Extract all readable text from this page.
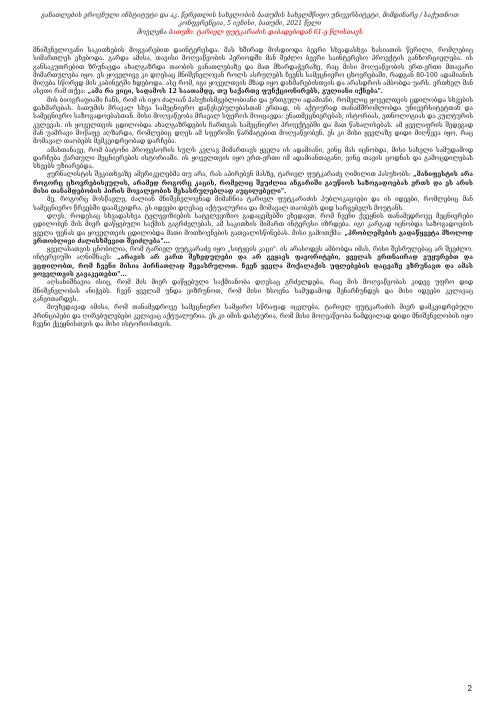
განათლების ეროვნული ინსტიტუტი და აკ. წერეთლის სახელობის ბათუმის სახელმწიფო უნივერსიტეტი, მიმდინარე / საქუთნოთ
კონფერენცია, 5 ივნისი, ბათუმი, 2021 წელი
მოვლენა ბათუმი. ტარიელ ფუტკარაძის დაბადებიდან 61-ე წლისთავს

მნიშვნელოვანი საკითხების მოგვარებით დაინტერესდა. მას ხშირად მოსდიოდა ბევრი სხვადასხვა ხასიათის წერილი, რომლებიც სიმართლეს ეხებოდა. გარდა ამისა, თავისი მოღვაწეობის პერიოდში მან შეძლო ბევრი საინტერესო პროექტის განხორციელება. ის განსაკუთრებით ზრუნავდა ახალგაზრდა თაობის განათლებაზე და მათ მხარდაჭერაზე, რაც მისი მოღვაწეობის ერთ-ერთი მთავარი მიმართულება იყო. ეს ყოველივე კი დღესაც მნიშვნელოვან როლს ასრულებს ჩვენს სამეცნიერო ცხოვრებაში, რადგან 80-100 ადამიანის მიღება სწორედ მის კაბინეტში ხდებოდა. ასე რომ, იგი ყოველთვის მზად იყო დახმარებისთვის და არასდროს ამბობდა უარს. ერთხელ მან ასეთი რამ თქვა: „ამა რა ვიცი, სადამოს 12 საათამდე, თუ საქართვ ფუნქციონირებს, გულიანი იქნება".

მის ბიოგრაფიაში ჩანს, რომ ის იყო ძალიან პასუხისმგებლობიანი და ერთგული ადამიანი, რომელიც ყოველთვის ცდილობდა სხვების დახმარებას. ბათუმის მრავალ სხვა სამეცნიერო დაწესებულებასთან ერთად, ის აქტიურად თანამშრომლობდა უნივერსიტეტთან და სამეცნიერო საზოგადოებასთან. მისი მოღვაწეობა მრავალ სფეროს მოიცავდა: ენათმეცნიერებას, ისტორიას, ეთნოლოგიას და კულტურის კვლევას. ის ყოველთვის ცდილობდა ახალგაზრდების ჩართვას სამეცნიერო პროექტებში და მათ წახალისებას. ამ ყველაფრის შედეგად მან უამრავი მოწაფე აღზარდა, რომლებიც დღეს ამ სფეროში წარმატებით მოღვაწეობენ. ეს კი მისი ყველაზე დიდი მიღწევა იყო, რაც მომავალ თაობებს მემკვიდრეობად დარჩება.

ამასთანავე, რომ ბატონი პროფესორის სულს კვლავ მიმართავს ყველა ის ადამიანი, ვინც მას იცნობდა, მისი სახელი სამუდამოდ დარჩება ქართული მეცნიერების ისტორიაში. ის ყოველთვის იყო ერთ-ერთი იმ ადამიანთაგანი, ვინც თავის ცოდნას და გამოცდილებას სხვებს უზიარებდა.

ჟურნალისტის შეკითხვაზე ამერიკელებმა თუ არა, რას აპირებენ მასზე, ტარიელ ფუტკარაძე ღიმილით პასუხობს: „მანიფესტის არა როგორც ცხოვრებისეულის, არამედ როგორც კაცის, რომელიც შეუძლია ანგარიში გაუწიოს საზოგადოებას ერთს და ეს არის მისი თანამდებობის პირის მოვალეობის შესასრულებლად აუცილებელი".

მე, როგორც მოსწავლე, ძალიან მნიშვნელოვნად მიმაჩნია ტარიელ ფუტკარაძის პუბლიკაციები და ის იდეები, რომლებიც მან სამეცნიერო წრეებში დაამკვიდრა. ეს იდეები დღესაც აქტუალურია და მომავალ თაობებს დიდ სარგებელს მოუტანს.

დღეს, როდესაც სხვადასხვა ტელევიზიების სატელევიზიო გადაცემებში ვხედავთ, რომ ჩვენი ქვეყნის თანამედროვე მეცნიერები ცდილობენ მის მიერ დაწყებული საქმის გაგრძელებას, ამ საკითხის მიმართ ინტერესი იზრდება. იგი კარგად იცნობდა საზოგადოების ყველა ფენას და ყოველთვის ცდილობდა მათი მოთხოვნების გათვალისწინებას. მისი გამოთქმა: „პრობლემების გადაწყვეტა მხოლოდ ერთობლივი ძალისხმევით შეიძლება"...

ყველასათვის ცნობილია, რომ ტარიელ ფუტკარაძე იყო „სიტყვის კაცი". ის არასოდეს ამბობდა იმას, რისი შესრულებაც არ შეეძლო. ინტერვიუში აღნიშნავს: „არავის არ ვართ შეხედულები და არ გვყავს ფავორიტები, ყველას ერთნაირად ვუყურებთ და ვცდილობთ, რომ ჩვენი მისია პირნათლად შევასრულოთ. ჩვენ ყველა მოქალაქის უფლებების დაცვაზე ვზრუნავთ და ამას ყოველთვის გავაკეთებთ"...

აღსანიშნავია ისიც, რომ მის მიერ დაწყებული საქმიანობა დღესაც გრძელდება, რაც მის მოღვაწეობას კიდევ უფრო დიდ მნიშვნელობას ანიჭებს. ჩვენ ყველამ უნდა ვიზრუნოთ, რომ მისი ხსოვნა სამუდამოდ შენარჩუნდეს და მისი იდეები კვლავაც განვითარდეს.

მიუხედავად იმისა, რომ თანამედროვე სამეცნიერო სამყარო სწრაფად იცვლება, ტარიელ ფუტკარაძის მიერ დამკვიდრებული პრინციპები და ღირებულებები კვლავაც აქტუალურია. ეს კი იმის დასტურია, რომ მისი მოღვაწეობა ნამდვილად დიდი მნიშვნელობის იყო ჩვენი ქვეყნისთვის და მისი ისტორიისთვის.

2
